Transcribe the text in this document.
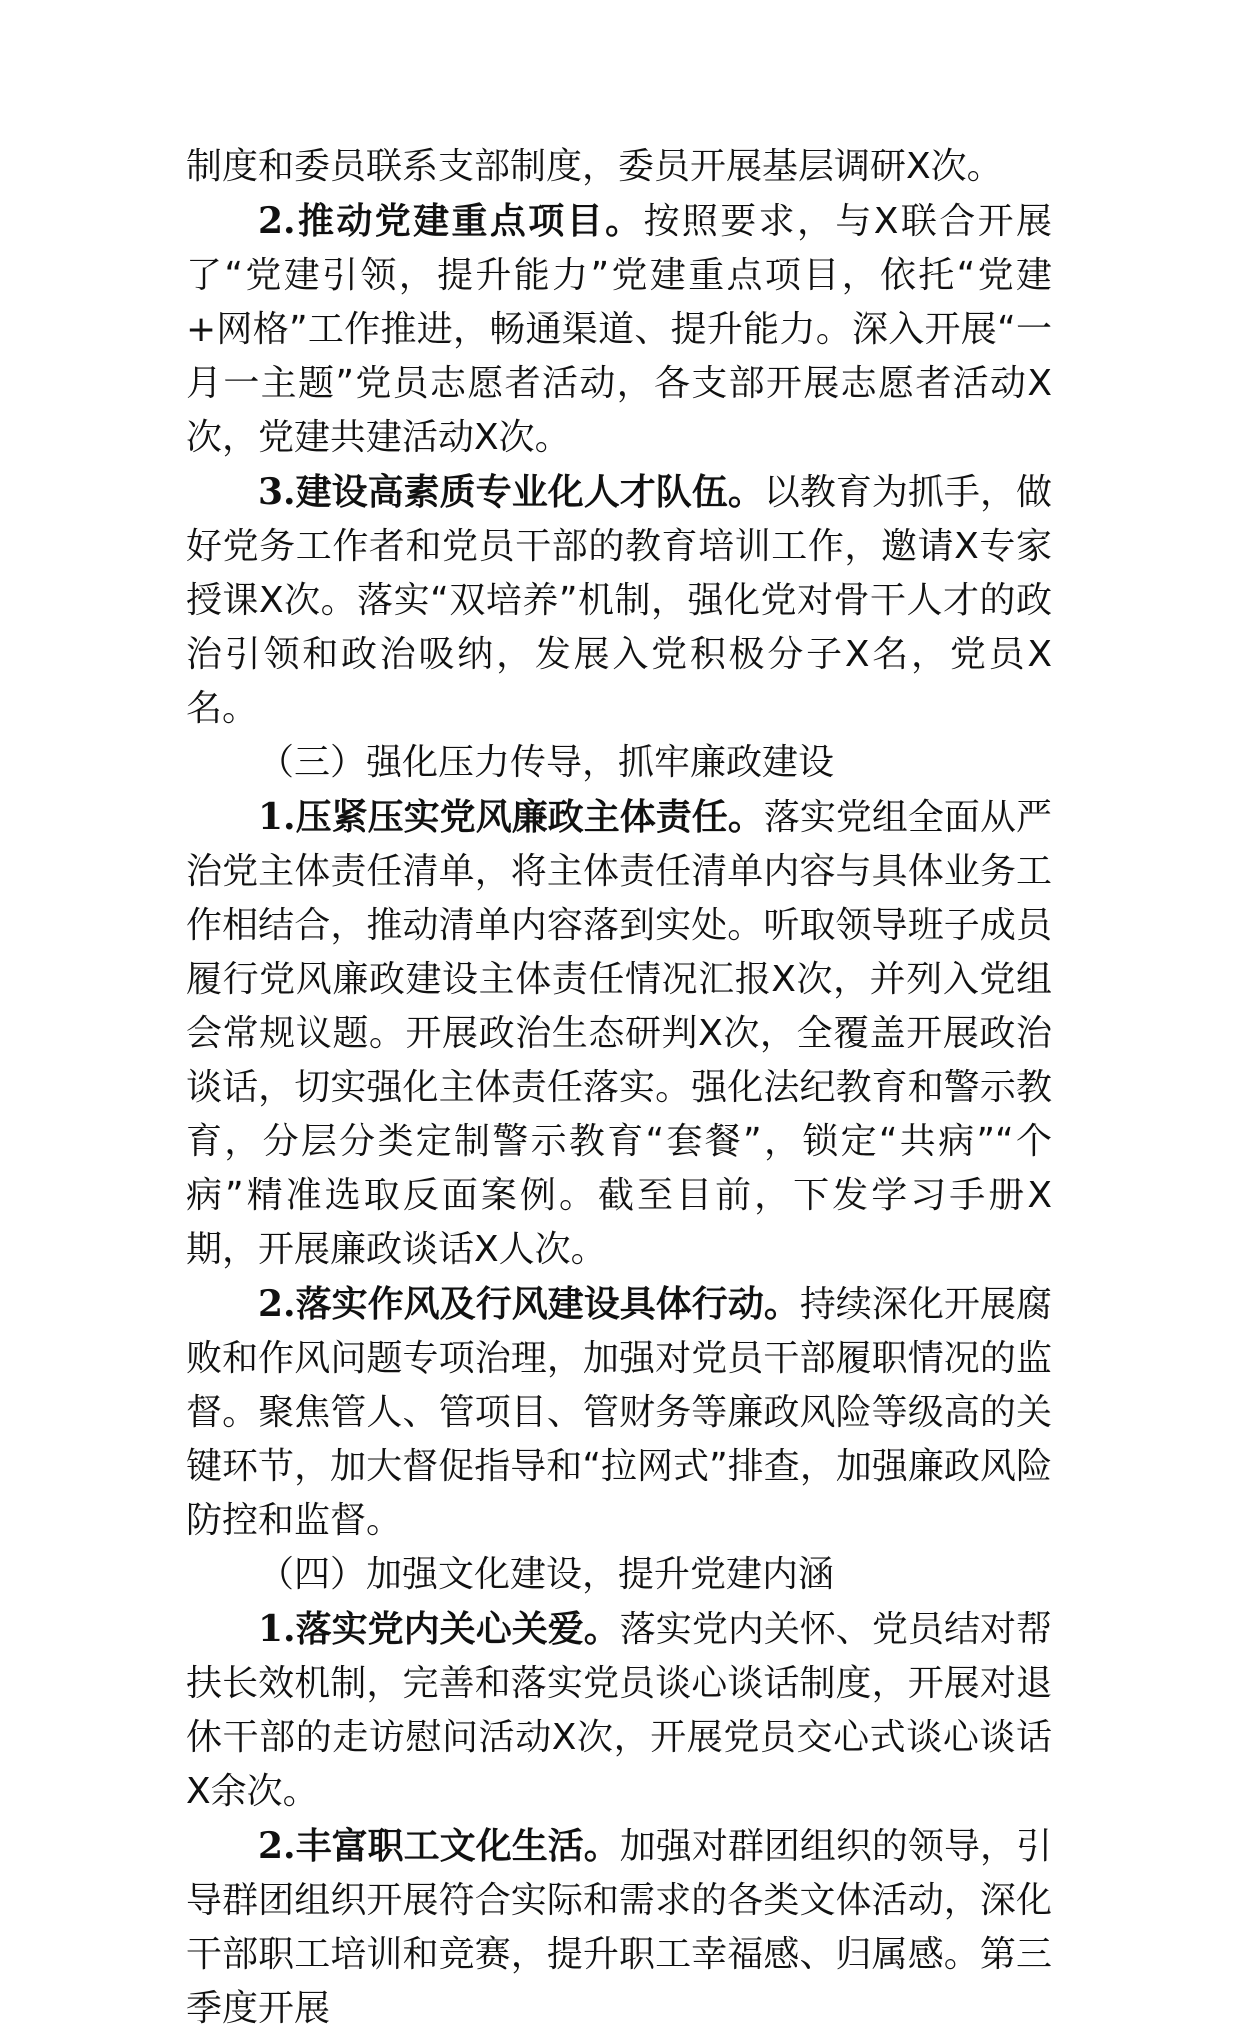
制度和委员联系支部制度，委员开展基层调研X次。

2.推动党建重点项目。按照要求，与X联合开展了“党建引领，提升能力”党建重点项目，依托“党建+网格”工作推进，畅通渠道、提升能力。深入开展“一月一主题”党员志愿者活动，各支部开展志愿者活动X次，党建共建活动X次。

3.建设高素质专业化人才队伍。以教育为抓手，做好党务工作者和党员干部的教育培训工作，邀请X专家授课X次。落实“双培养”机制，强化党对骨干人才的政治引领和政治吸纳，发展入党积极分子X名，党员X名。

（三）强化压力传导，抓牢廉政建设

1.压紧压实党风廉政主体责任。落实党组全面从严治党主体责任清单，将主体责任清单内容与具体业务工作相结合，推动清单内容落到实处。听取领导班子成员履行党风廉政建设主体责任情况汇报X次，并列入党组会常规议题。开展政治生态研判X次，全覆盖开展政治谈话，切实强化主体责任落实。强化法纪教育和警示教育，分层分类定制警示教育“套餐”，锁定“共病”“个病”精准选取反面案例。截至目前，下发学习手册X期，开展廉政谈话X人次。

2.落实作风及行风建设具体行动。持续深化开展腐败和作风问题专项治理，加强对党员干部履职情况的监督。聚焦管人、管项目、管财务等廉政风险等级高的关键环节，加大督促指导和“拉网式”排查，加强廉政风险防控和监督。

（四）加强文化建设，提升党建内涵

1.落实党内关心关爱。落实党内关怀、党员结对帮扶长效机制，完善和落实党员谈心谈话制度，开展对退休干部的走访慰问活动X次，开展党员交心式谈心谈话X余次。

2.丰富职工文化生活。加强对群团组织的领导，引导群团组织开展符合实际和需求的各类文体活动，深化干部职工培训和竞赛，提升职工幸福感、归属感。第三季度开展
